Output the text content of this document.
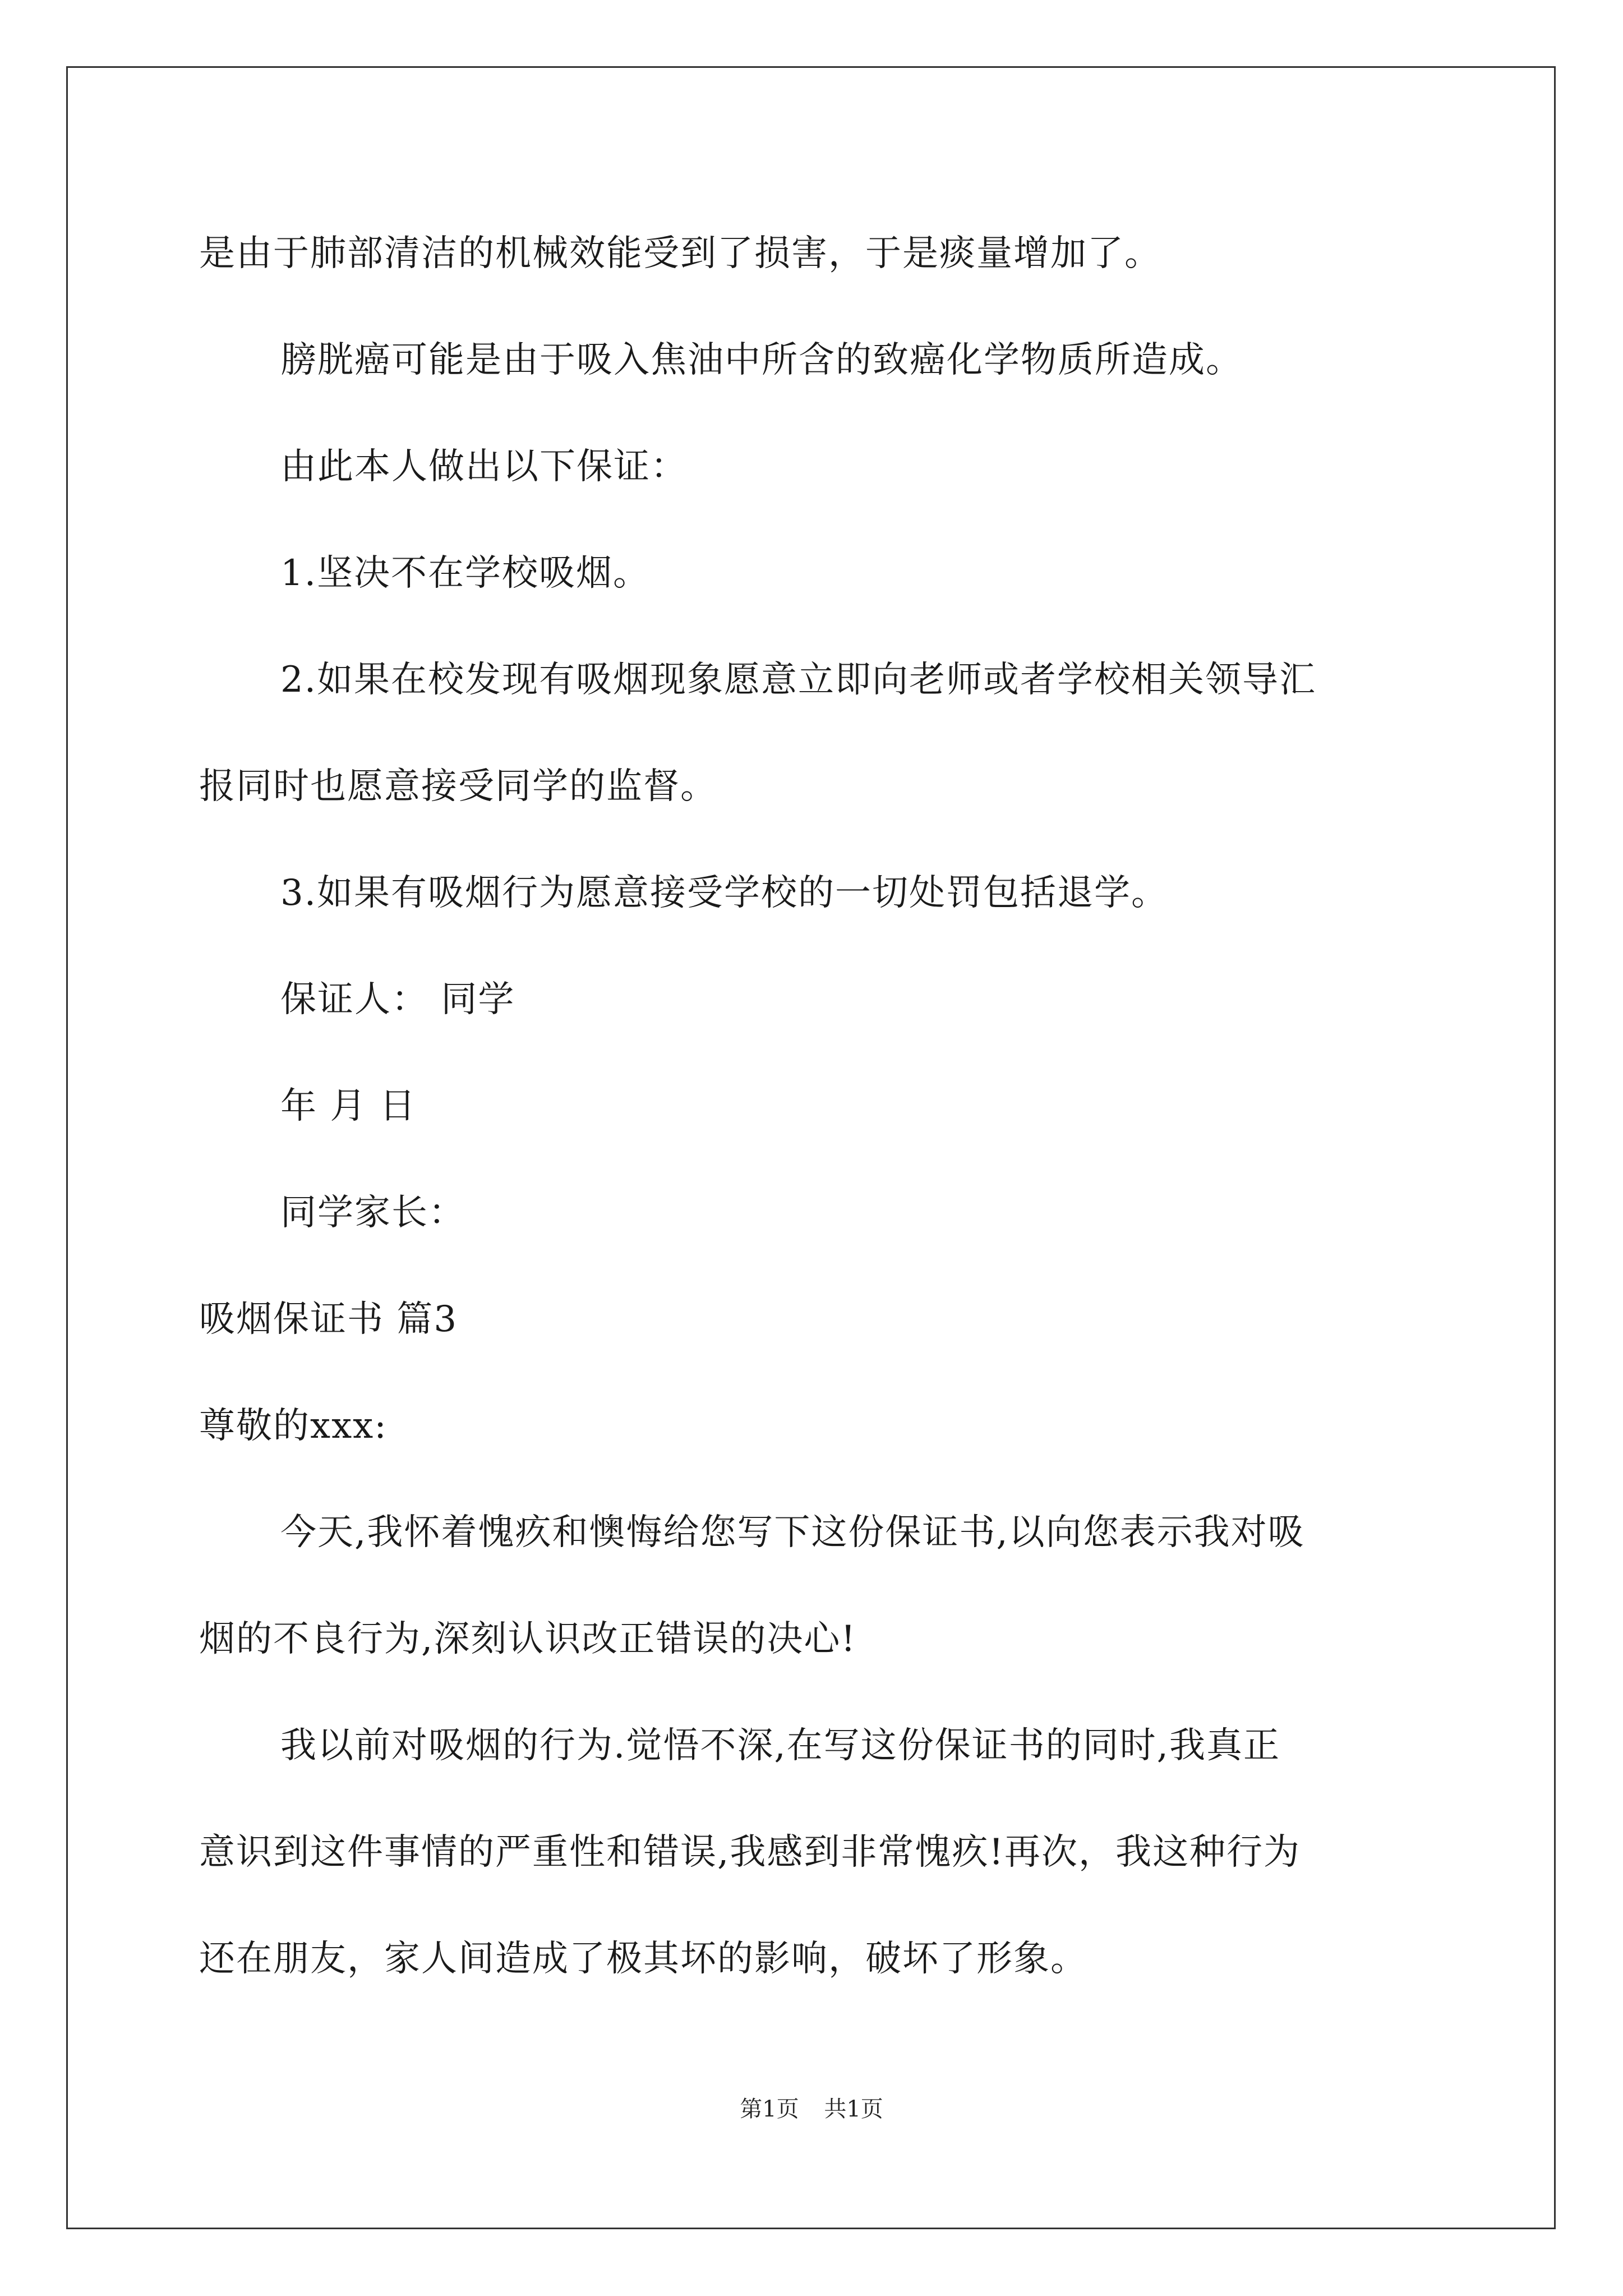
是由于肺部清洁的机械效能受到了损害，于是痰量增加了。
膀胱癌可能是由于吸入焦油中所含的致癌化学物质所造成。
由此本人做出以下保证：
1.坚决不在学校吸烟。
2.如果在校发现有吸烟现象愿意立即向老师或者学校相关领导汇
报同时也愿意接受同学的监督。
3.如果有吸烟行为愿意接受学校的一切处罚包括退学。
保证人： 同学
年 月 日
同学家长：
吸烟保证书 篇3
尊敬的xxx:
今天,我怀着愧疚和懊悔给您写下这份保证书,以向您表示我对吸
烟的不良行为,深刻认识改正错误的决心!
我以前对吸烟的行为.觉悟不深,在写这份保证书的同时,我真正
意识到这件事情的严重性和错误,我感到非常愧疚!再次，我这种行为
还在朋友，家人间造成了极其坏的影响，破坏了形象。
第1页 共1页
